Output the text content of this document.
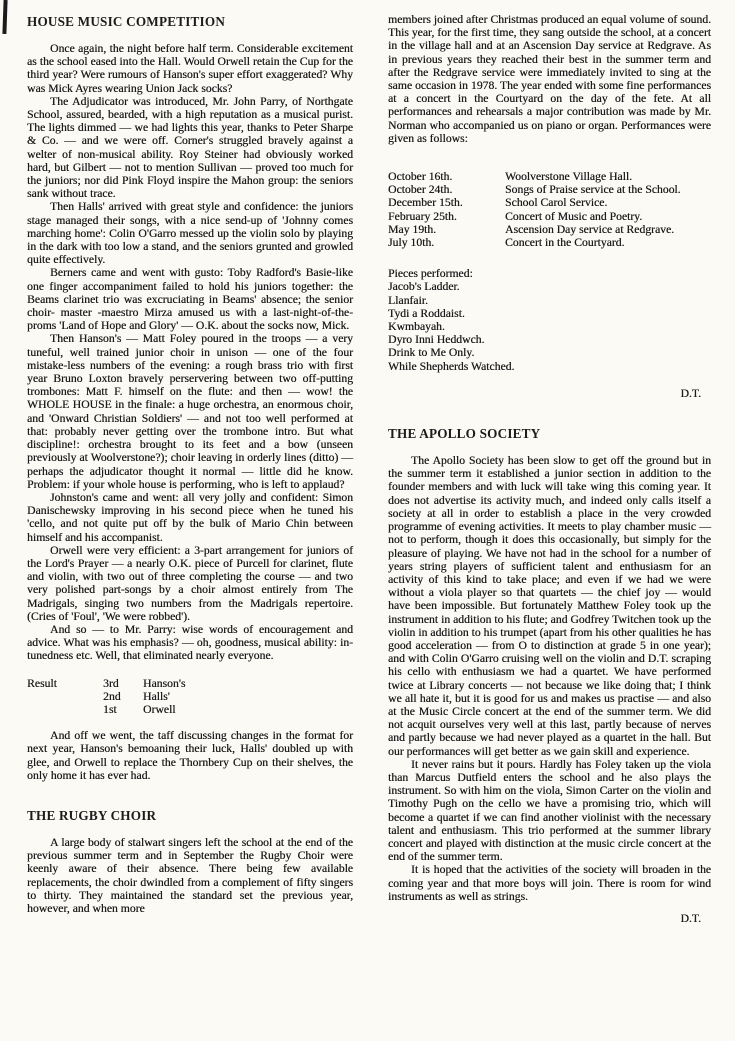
HOUSE MUSIC COMPETITION

Once again, the night before half term. Considerable excitement as the school eased into the Hall. Would Orwell retain the Cup for the third year? Were rumours of Hanson's super effort exaggerated? Why was Mick Ayres wearing Union Jack socks?

The Adjudicator was introduced, Mr. John Parry, of Northgate School, assured, bearded, with a high reputation as a musical purist. The lights dimmed — we had lights this year, thanks to Peter Sharpe & Co. — and we were off. Corner's struggled bravely against a welter of non-musical ability. Roy Steiner had obviously worked hard, but Gilbert — not to mention Sullivan — proved too much for the juniors; nor did Pink Floyd inspire the Mahon group: the seniors sank without trace.

Then Halls' arrived with great style and confidence: the juniors stage managed their songs, with a nice send-up of 'Johnny comes marching home': Colin O'Garro messed up the violin solo by playing in the dark with too low a stand, and the seniors grunted and growled quite effectively.

Berners came and went with gusto: Toby Radford's Basie-like one finger accompaniment failed to hold his juniors together: the Beams clarinet trio was excruciating in Beams' absence; the senior choir- master -maestro Mirza amused us with a last-night-of-the-proms 'Land of Hope and Glory' — O.K. about the socks now, Mick.

Then Hanson's — Matt Foley poured in the troops — a very tuneful, well trained junior choir in unison — one of the four mistake-less numbers of the evening: a rough brass trio with first year Bruno Loxton bravely perservering between two off-putting trombones: Matt F. himself on the flute: and then — wow! the WHOLE HOUSE in the finale: a huge orchestra, an enormous choir, and 'Onward Christian Soldiers' — and not too well performed at that: probably never getting over the trombone intro. But what discipline!: orchestra brought to its feet and a bow (unseen previously at Woolverstone?); choir leaving in orderly lines (ditto) — perhaps the adjudicator thought it normal — little did he know. Problem: if your whole house is performing, who is left to applaud?

Johnston's came and went: all very jolly and confident: Simon Danischewsky improving in his second piece when he tuned his 'cello, and not quite put off by the bulk of Mario Chin between himself and his accompanist.

Orwell were very efficient: a 3-part arrangement for juniors of the Lord's Prayer — a nearly O.K. piece of Purcell for clarinet, flute and violin, with two out of three completing the course — and two very polished part-songs by a choir almost entirely from The Madrigals, singing two numbers from the Madrigals repertoire. (Cries of 'Foul', 'We were robbed').

And so — to Mr. Parry: wise words of encouragement and advice. What was his emphasis? — oh, goodness, musical ability: in-tunedness etc. Well, that eliminated nearly everyone.

Result	3rd	Hanson's
2nd	Halls'
1st	Orwell

And off we went, the taff discussing changes in the format for next year, Hanson's bemoaning their luck, Halls' doubled up with glee, and Orwell to replace the Thornbery Cup on their shelves, the only home it has ever had.

THE RUGBY CHOIR

A large body of stalwart singers left the school at the end of the previous summer term and in September the Rugby Choir were keenly aware of their absence. There being few available replacements, the choir dwindled from a complement of fifty singers to thirty. They maintained the standard set the previous year, however, and when more

members joined after Christmas produced an equal volume of sound. This year, for the first time, they sang outside the school, at a concert in the village hall and at an Ascension Day service at Redgrave. As in previous years they reached their best in the summer term and after the Redgrave service were immediately invited to sing at the same occasion in 1978. The year ended with some fine performances at a concert in the Courtyard on the day of the fete. At all performances and rehearsals a major contribution was made by Mr. Norman who accompanied us on piano or organ. Performances were given as follows:

October 16th.	Woolverstone Village Hall.
October 24th.	Songs of Praise service at the School.
December 15th.	School Carol Service.
February 25th.	Concert of Music and Poetry.
May 19th.	Ascension Day service at Redgrave.
July 10th.	Concert in the Courtyard.

Pieces performed:

Jacob's Ladder.

Llanfair.

Tydi a Roddaist.

Kwmbayah.

Dyro Inni Heddwch.

Drink to Me Only.

While Shepherds Watched.

D.T.
THE APOLLO SOCIETY

The Apollo Society has been slow to get off the ground but in the summer term it established a junior section in addition to the founder members and with luck will take wing this coming year. It does not advertise its activity much, and indeed only calls itself a society at all in order to establish a place in the very crowded programme of evening activities. It meets to play chamber music — not to perform, though it does this occasionally, but simply for the pleasure of playing. We have not had in the school for a number of years string players of sufficient talent and enthusiasm for an activity of this kind to take place; and even if we had we were without a viola player so that quartets — the chief joy — would have been impossible. But fortunately Matthew Foley took up the instrument in addition to his flute; and Godfrey Twitchen took up the violin in addition to his trumpet (apart from his other qualities he has good acceleration — from O to distinction at grade 5 in one year); and with Colin O'Garro cruising well on the violin and D.T. scraping his cello with enthusiasm we had a quartet. We have performed twice at Library concerts — not because we like doing that; I think we all hate it, but it is good for us and makes us practise — and also at the Music Circle concert at the end of the summer term. We did not acquit ourselves very well at this last, partly because of nerves and partly because we had never played as a quartet in the hall. But our performances will get better as we gain skill and experience.

It never rains but it pours. Hardly has Foley taken up the viola than Marcus Dutfield enters the school and he also plays the instrument. So with him on the viola, Simon Carter on the violin and Timothy Pugh on the cello we have a promising trio, which will become a quartet if we can find another violinist with the necessary talent and enthusiasm. This trio performed at the summer library concert and played with distinction at the music circle concert at the end of the summer term.

It is hoped that the activities of the society will broaden in the coming year and that more boys will join. There is room for wind instruments as well as strings.

D.T.
